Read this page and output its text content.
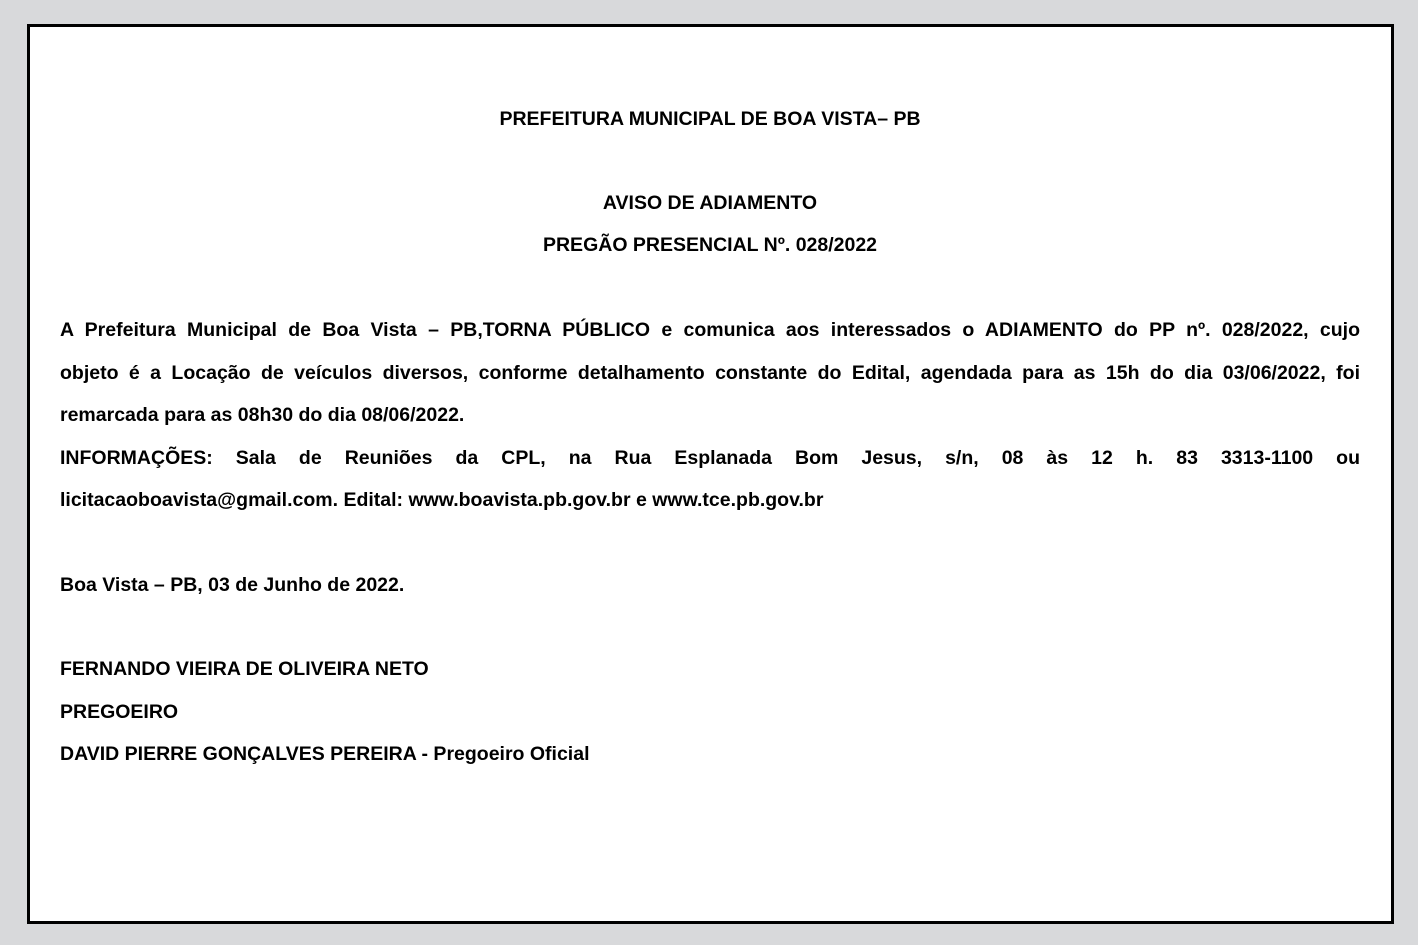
PREFEITURA MUNICIPAL DE BOA VISTA– PB
AVISO DE ADIAMENTO
PREGÃO PRESENCIAL Nº. 028/2022
A Prefeitura Municipal de Boa Vista – PB,TORNA PÚBLICO e comunica aos interessados o ADIAMENTO do PP nº. 028/2022, cujo
objeto é a Locação de veículos diversos, conforme detalhamento constante do Edital, agendada para as 15h do dia 03/06/2022, foi
remarcada para as 08h30 do dia 08/06/2022.
INFORMAÇÕES: Sala de Reuniões da CPL, na Rua Esplanada Bom Jesus, s/n, 08 às 12 h. 83 3313-1100 ou
licitacaoboavista@gmail.com. Edital: www.boavista.pb.gov.br e www.tce.pb.gov.br
Boa Vista – PB, 03 de Junho de 2022.
FERNANDO VIEIRA DE OLIVEIRA NETO
PREGOEIRO
DAVID PIERRE GONÇALVES PEREIRA - Pregoeiro Oficial
